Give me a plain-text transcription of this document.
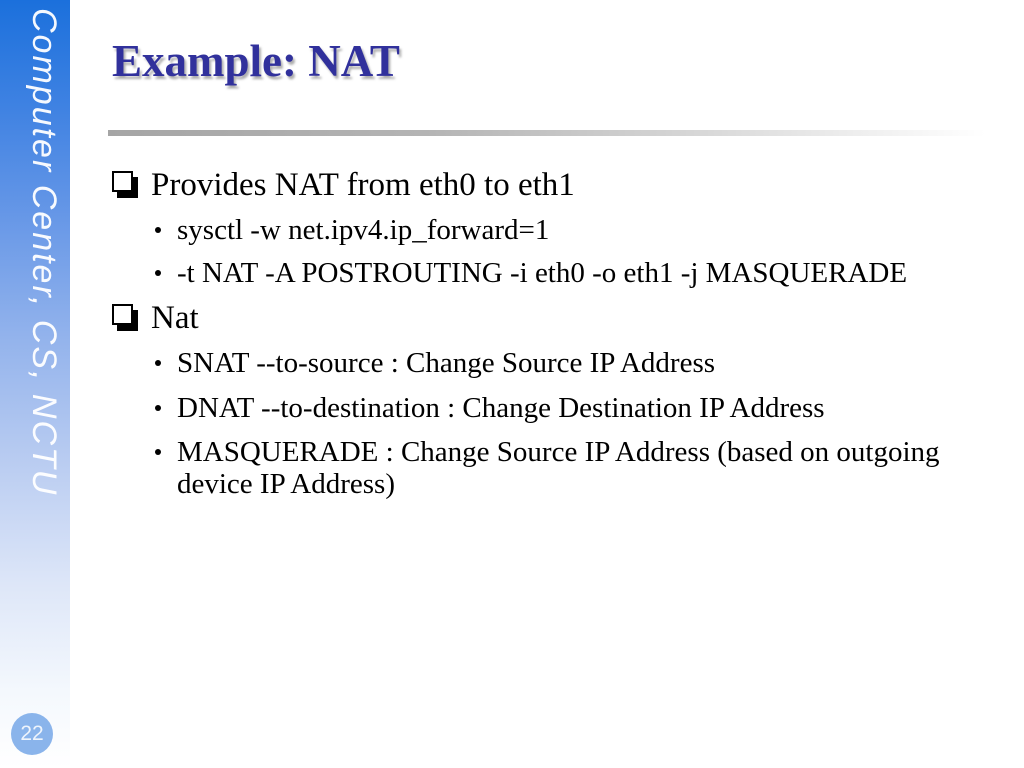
Computer Center, CS, NCTU
22
Example: NAT
Provides NAT from eth0 to eth1
sysctl -w net.ipv4.ip_forward=1
-t NAT -A POSTROUTING -i eth0 -o eth1 -j MASQUERADE
Nat
SNAT --to-source : Change Source IP Address
DNAT --to-destination : Change Destination IP Address
MASQUERADE : Change Source IP Address (based on outgoing device IP Address)
